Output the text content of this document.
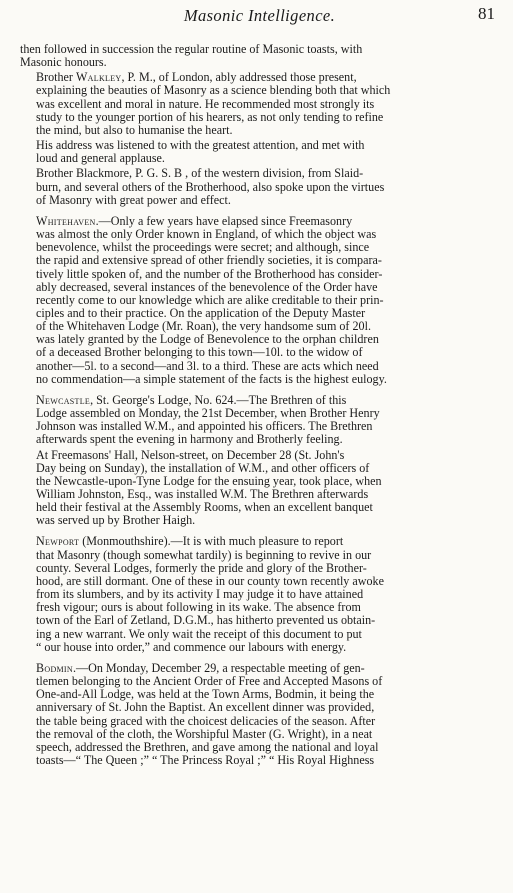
Masonic Intelligence.	81

then followed in succession the regular routine of Masonic toasts, with
Masonic honours.

Brother Walkley, P. M., of London, ably addressed those present,
explaining the beauties of Masonry as a science blending both that which
was excellent and moral in nature. He recommended most strongly its
study to the younger portion of his hearers, as not only tending to refine
the mind, but also to humanise the heart.

His address was listened to with the greatest attention, and met with
loud and general applause.

Brother Blackmore, P. G. S. B , of the western division, from Slaid-
burn, and several others of the Brotherhood, also spoke upon the virtues
of Masonry with great power and effect.

Whitehaven.—Only a few years have elapsed since Freemasonry
was almost the only Order known in England, of which the object was
benevolence, whilst the proceedings were secret; and although, since
the rapid and extensive spread of other friendly societies, it is compara-
tively little spoken of, and the number of the Brotherhood has consider-
ably decreased, several instances of the benevolence of the Order have
recently come to our knowledge which are alike creditable to their prin-
ciples and to their practice. On the application of the Deputy Master
of the Whitehaven Lodge (Mr. Roan), the very handsome sum of 20l.
was lately granted by the Lodge of Benevolence to the orphan children
of a deceased Brother belonging to this town—10l. to the widow of
another—5l. to a second—and 3l. to a third. These are acts which need
no commendation—a simple statement of the facts is the highest eulogy.

Newcastle, St. George's Lodge, No. 624.—The Brethren of this
Lodge assembled on Monday, the 21st December, when Brother Henry
Johnson was installed W.M., and appointed his officers. The Brethren
afterwards spent the evening in harmony and Brotherly feeling.

At Freemasons' Hall, Nelson-street, on December 28 (St. John's
Day being on Sunday), the installation of W.M., and other officers of
the Newcastle-upon-Tyne Lodge for the ensuing year, took place, when
William Johnston, Esq., was installed W.M. The Brethren afterwards
held their festival at the Assembly Rooms, when an excellent banquet
was served up by Brother Haigh.

Newport (Monmouthshire).—It is with much pleasure to report
that Masonry (though somewhat tardily) is beginning to revive in our
county. Several Lodges, formerly the pride and glory of the Brother-
hood, are still dormant. One of these in our county town recently awoke
from its slumbers, and by its activity I may judge it to have attained
fresh vigour; ours is about following in its wake. The absence from
town of the Earl of Zetland, D.G.M., has hitherto prevented us obtain-
ing a new warrant. We only wait the receipt of this document to put
“ our house into order,” and commence our labours with energy.

Bodmin.—On Monday, December 29, a respectable meeting of gen-
tlemen belonging to the Ancient Order of Free and Accepted Masons of
One-and-All Lodge, was held at the Town Arms, Bodmin, it being the
anniversary of St. John the Baptist. An excellent dinner was provided,
the table being graced with the choicest delicacies of the season. After
the removal of the cloth, the Worshipful Master (G. Wright), in a neat
speech, addressed the Brethren, and gave among the national and loyal
toasts—“ The Queen ;” “ The Princess Royal ;” “ His Royal Highness
